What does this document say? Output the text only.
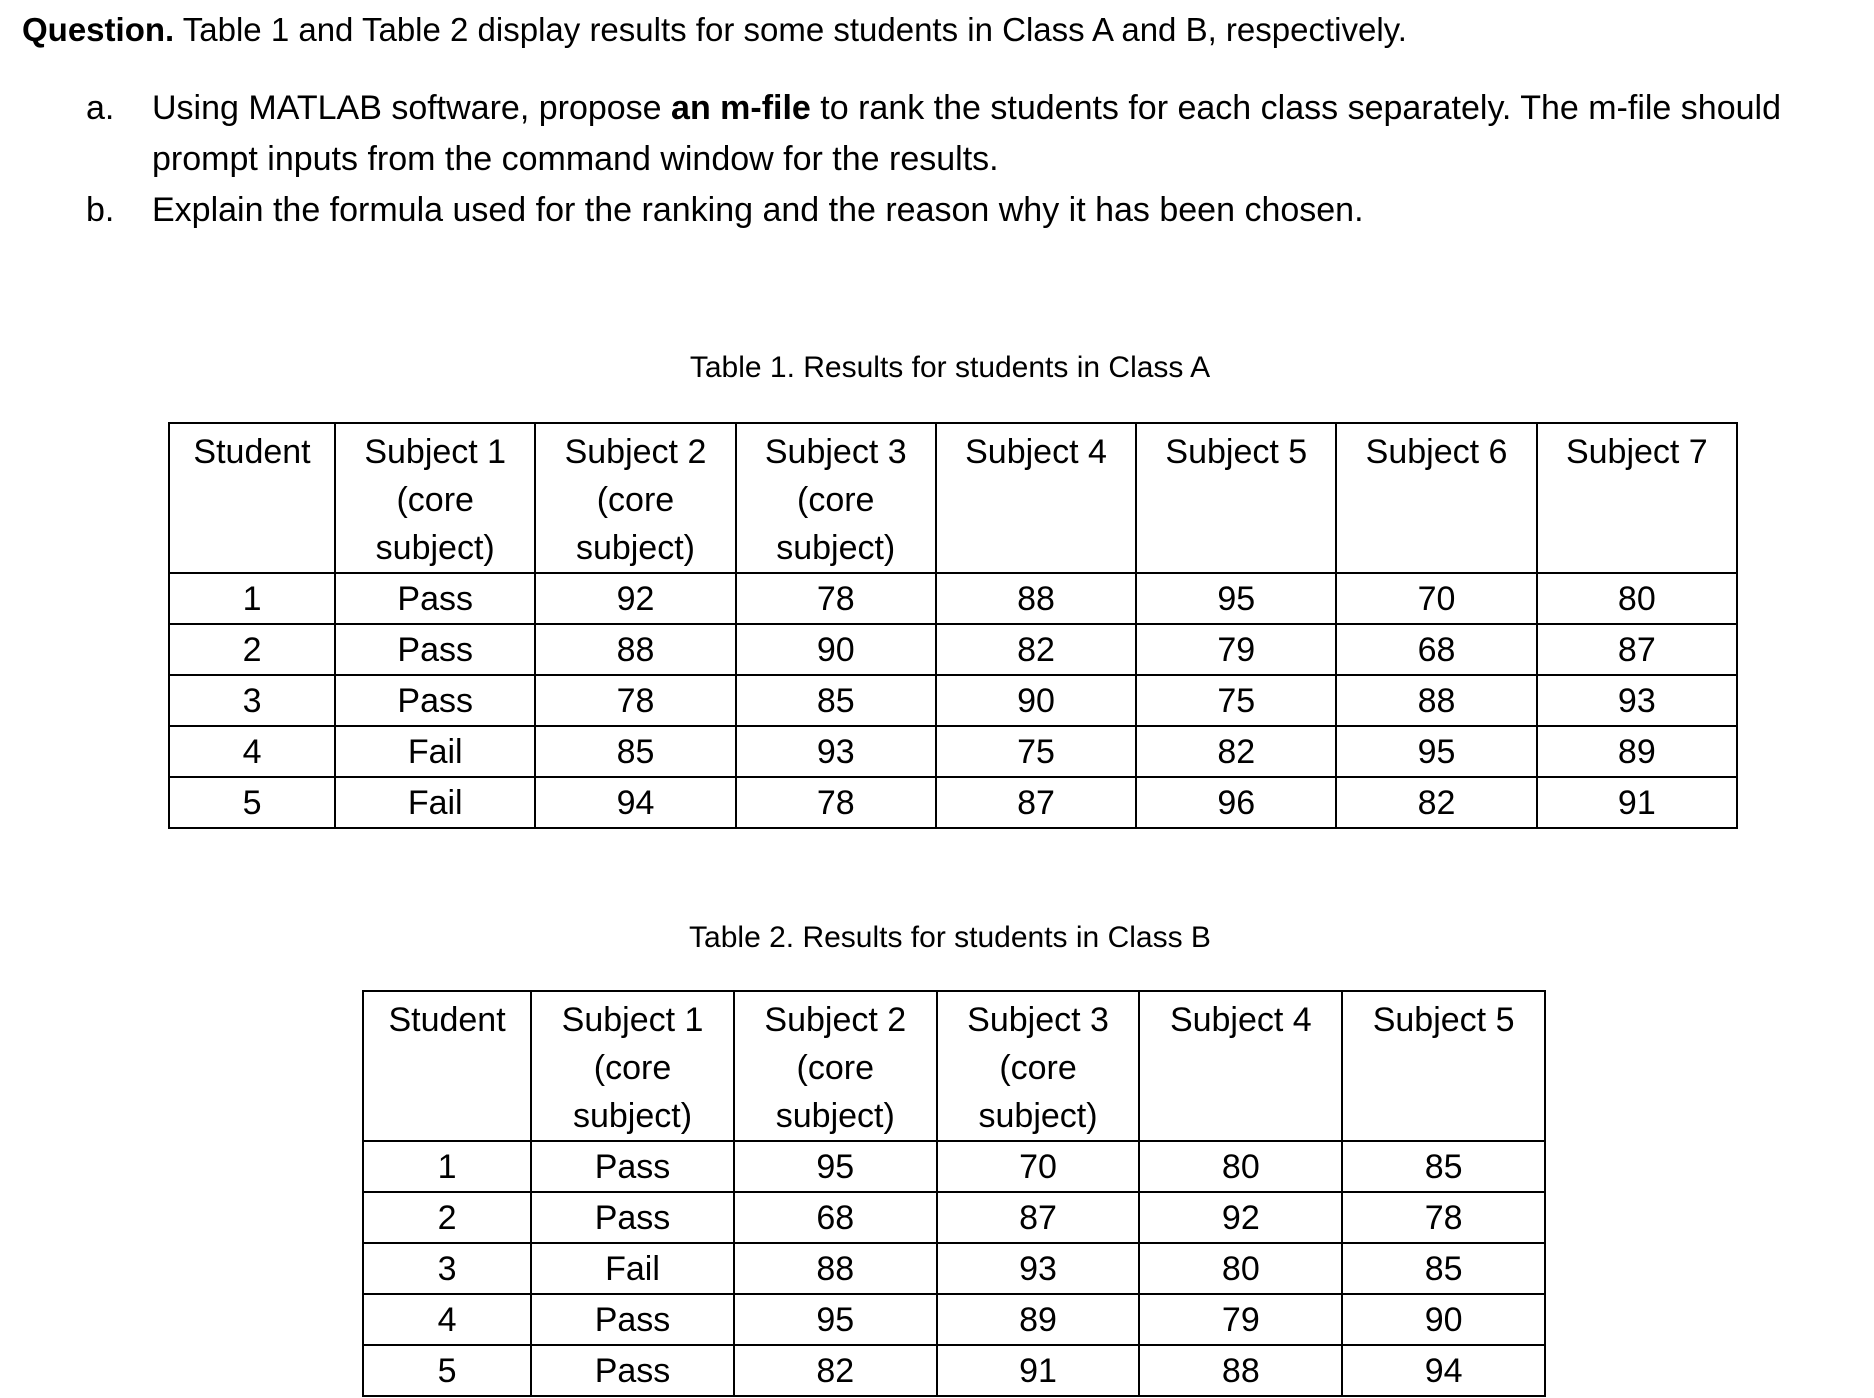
Question. Table 1 and Table 2 display results for some students in Class A and B, respectively.
a. Using MATLAB software, propose an m-file to rank the students for each class separately. The m-file should
prompt inputs from the command window for the results.
b. Explain the formula used for the ranking and the reason why it has been chosen.
Table 1. Results for students in Class A
Student	Subject 1
(core
subject)	Subject 2
(core
subject)	Subject 3
(core
subject)	Subject 4	Subject 5	Subject 6	Subject 7

1	Pass	92	78	88	95	70	80
2	Pass	88	90	82	79	68	87
3	Pass	78	85	90	75	88	93
4	Fail	85	93	75	82	95	89
5	Fail	94	78	87	96	82	91
Table 2. Results for students in Class B
Student	Subject 1
(core
subject)	Subject 2
(core
subject)	Subject 3
(core
subject)	Subject 4	Subject 5

1	Pass	95	70	80	85
2	Pass	68	87	92	78
3	Fail	88	93	80	85
4	Pass	95	89	79	90
5	Pass	82	91	88	94
